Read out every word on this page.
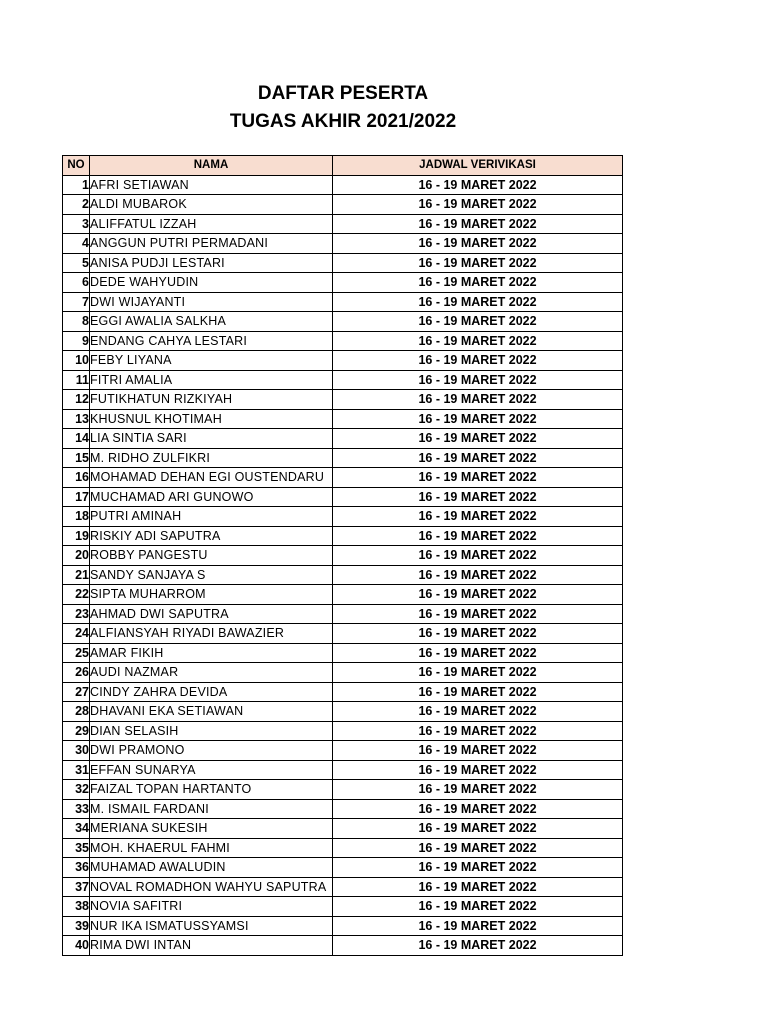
DAFTAR PESERTA

TUGAS AKHIR 2021/2022

NO	NAMA	JADWAL VERIVIKASI
1	AFRI SETIAWAN	16 - 19 MARET 2022
2	ALDI MUBAROK	16 - 19 MARET 2022
3	ALIFFATUL IZZAH	16 - 19 MARET 2022
4	ANGGUN PUTRI PERMADANI	16 - 19 MARET 2022
5	ANISA PUDJI LESTARI	16 - 19 MARET 2022
6	DEDE WAHYUDIN	16 - 19 MARET 2022
7	DWI WIJAYANTI	16 - 19 MARET 2022
8	EGGI AWALIA SALKHA	16 - 19 MARET 2022
9	ENDANG CAHYA LESTARI	16 - 19 MARET 2022
10	FEBY LIYANA	16 - 19 MARET 2022
11	FITRI AMALIA	16 - 19 MARET 2022
12	FUTIKHATUN RIZKIYAH	16 - 19 MARET 2022
13	KHUSNUL KHOTIMAH	16 - 19 MARET 2022
14	LIA SINTIA SARI	16 - 19 MARET 2022
15	M. RIDHO ZULFIKRI	16 - 19 MARET 2022
16	MOHAMAD DEHAN EGI OUSTENDARU	16 - 19 MARET 2022
17	MUCHAMAD ARI GUNOWO	16 - 19 MARET 2022
18	PUTRI AMINAH	16 - 19 MARET 2022
19	RISKIY ADI SAPUTRA	16 - 19 MARET 2022
20	ROBBY PANGESTU	16 - 19 MARET 2022
21	SANDY SANJAYA S	16 - 19 MARET 2022
22	SIPTA MUHARROM	16 - 19 MARET 2022
23	AHMAD DWI SAPUTRA	16 - 19 MARET 2022
24	ALFIANSYAH RIYADI BAWAZIER	16 - 19 MARET 2022
25	AMAR FIKIH	16 - 19 MARET 2022
26	AUDI NAZMAR	16 - 19 MARET 2022
27	CINDY ZAHRA DEVIDA	16 - 19 MARET 2022
28	DHAVANI EKA SETIAWAN	16 - 19 MARET 2022
29	DIAN SELASIH	16 - 19 MARET 2022
30	DWI PRAMONO	16 - 19 MARET 2022
31	EFFAN SUNARYA	16 - 19 MARET 2022
32	FAIZAL TOPAN HARTANTO	16 - 19 MARET 2022
33	M. ISMAIL FARDANI	16 - 19 MARET 2022
34	MERIANA SUKESIH	16 - 19 MARET 2022
35	MOH. KHAERUL FAHMI	16 - 19 MARET 2022
36	MUHAMAD AWALUDIN	16 - 19 MARET 2022
37	NOVAL ROMADHON WAHYU SAPUTRA	16 - 19 MARET 2022
38	NOVIA SAFITRI	16 - 19 MARET 2022
39	NUR IKA ISMATUSSYAMSI	16 - 19 MARET 2022
40	RIMA DWI INTAN	16 - 19 MARET 2022
